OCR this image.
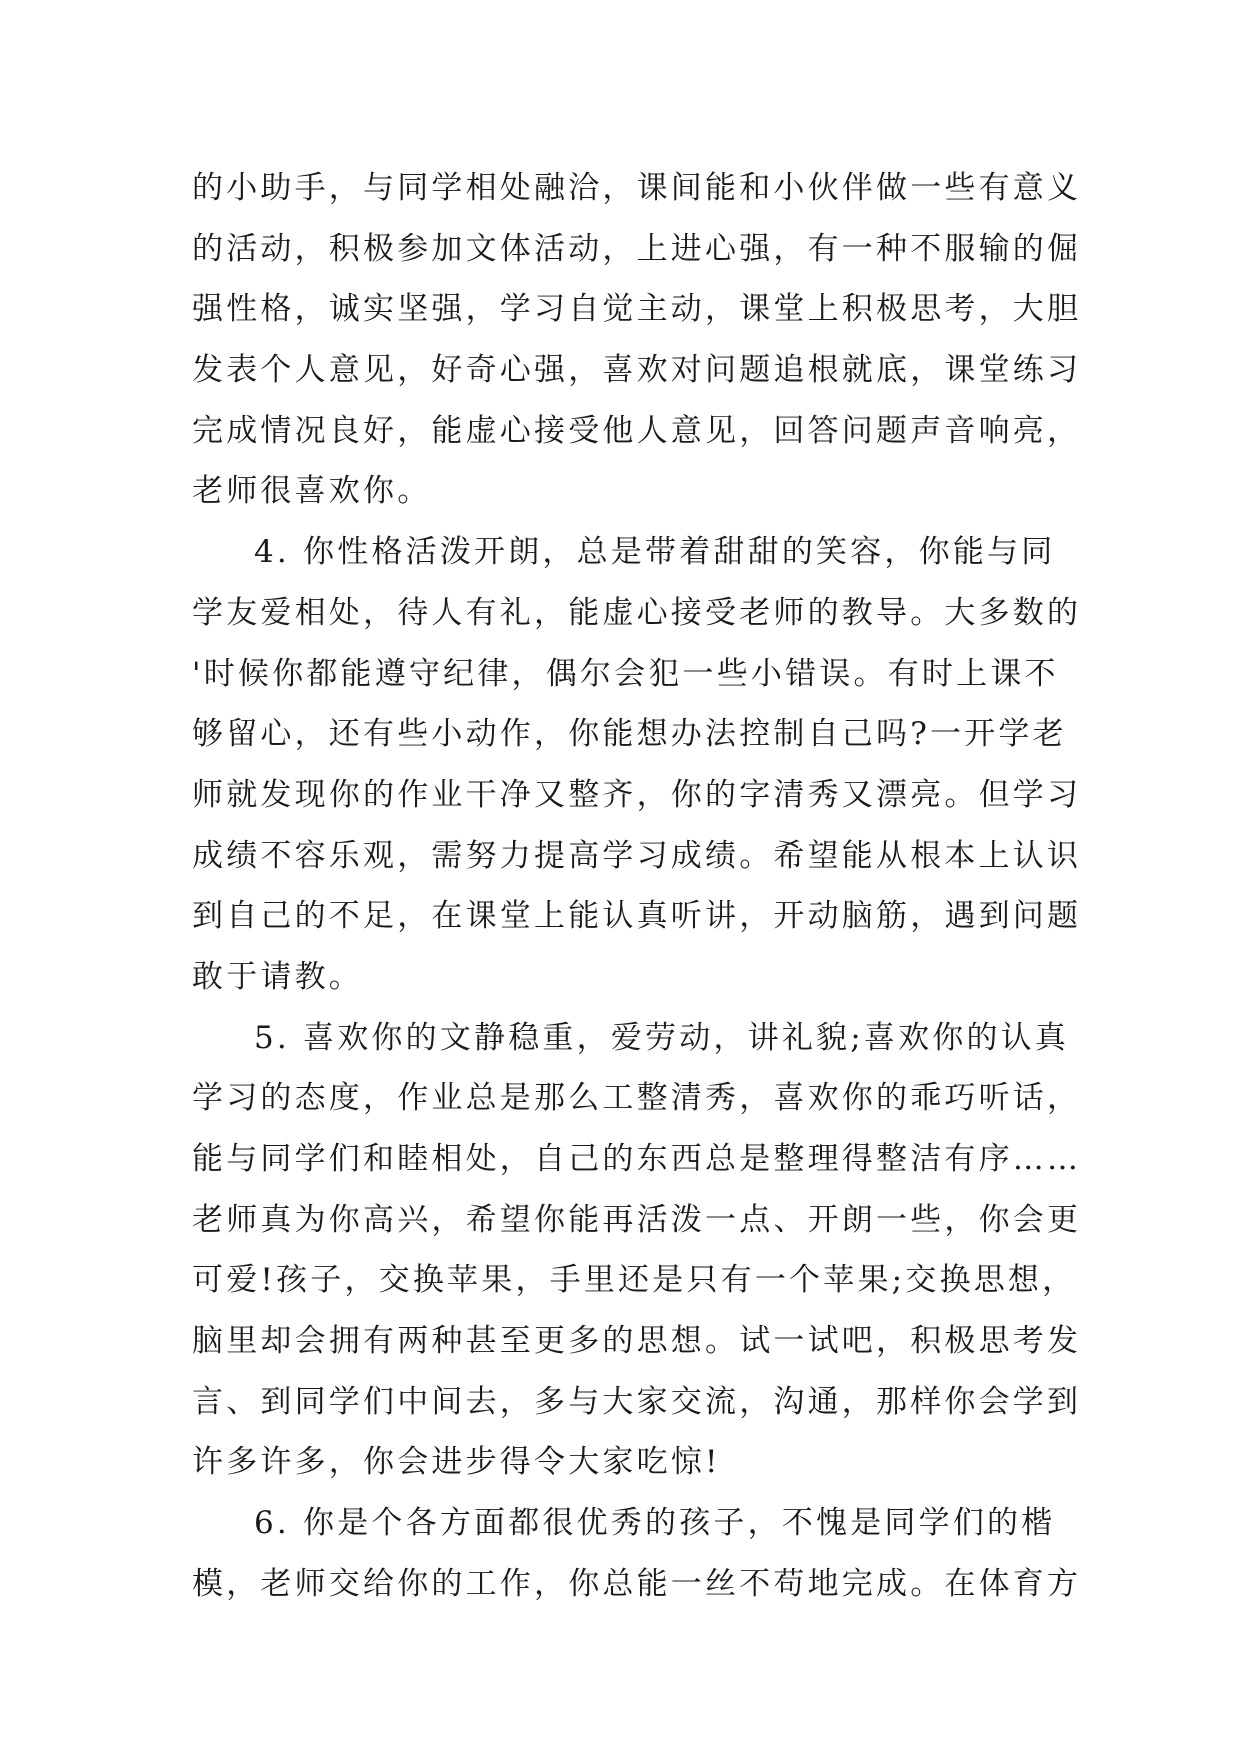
的小助手，与同学相处融洽，课间能和小伙伴做一些有意义
的活动，积极参加文体活动，上进心强，有一种不服输的倔
强性格，诚实坚强，学习自觉主动，课堂上积极思考，大胆
发表个人意见，好奇心强，喜欢对问题追根就底，课堂练习
完成情况良好，能虚心接受他人意见，回答问题声音响亮，
老师很喜欢你。
4. 你性格活泼开朗，总是带着甜甜的笑容，你能与同
学友爱相处，待人有礼，能虚心接受老师的教导。大多数的
'时候你都能遵守纪律，偶尔会犯一些小错误。有时上课不
够留心，还有些小动作，你能想办法控制自己吗?一开学老
师就发现你的作业干净又整齐，你的字清秀又漂亮。但学习
成绩不容乐观，需努力提高学习成绩。希望能从根本上认识
到自己的不足，在课堂上能认真听讲，开动脑筋，遇到问题
敢于请教。
5. 喜欢你的文静稳重，爱劳动，讲礼貌;喜欢你的认真
学习的态度，作业总是那么工整清秀，喜欢你的乖巧听话，
能与同学们和睦相处，自己的东西总是整理得整洁有序……
老师真为你高兴，希望你能再活泼一点、开朗一些，你会更
可爱!孩子，交换苹果，手里还是只有一个苹果;交换思想，
脑里却会拥有两种甚至更多的思想。试一试吧，积极思考发
言、到同学们中间去，多与大家交流，沟通，那样你会学到
许多许多，你会进步得令大家吃惊!
6. 你是个各方面都很优秀的孩子，不愧是同学们的楷
模，老师交给你的工作，你总能一丝不苟地完成。在体育方
